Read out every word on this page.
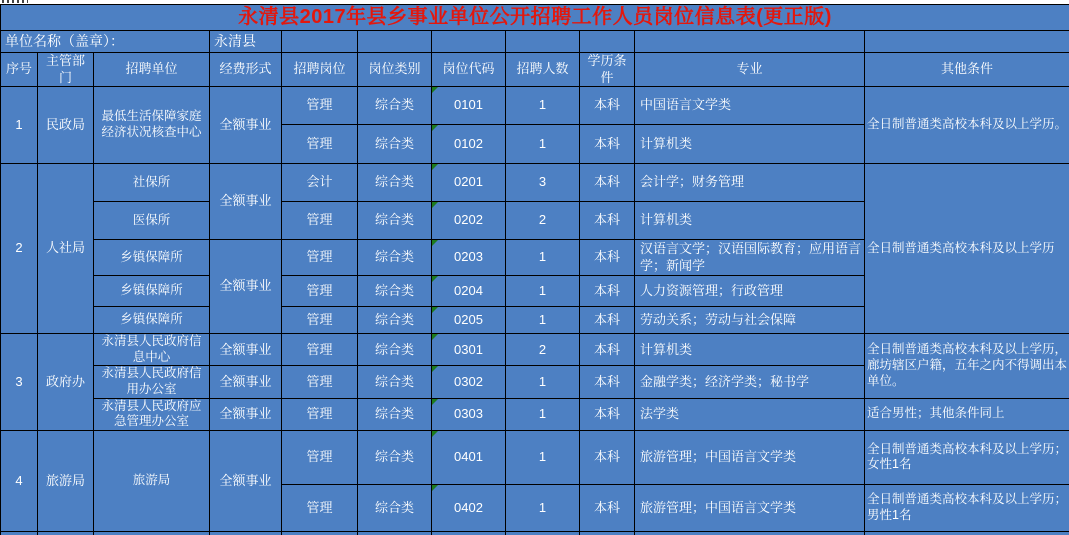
永清县2017年县乡事业单位公开招聘工作人员岗位信息表(更正版)										
单位名称（盖章）：			永清县							
序号	主管部门	招聘单位	经费形式	招聘岗位	岗位类别	岗位代码	招聘人数	学历条件	专业	其他条件
1	民政局	最低生活保障家庭经济状况核查中心	全额事业	管理	综合类	0101	1	本科	中国语言文学类	全日制普通类高校本科及以上学历。
				管理	综合类	0102	1	本科	计算机类	
2	人社局	社保所	全额事业	会计	综合类	0201	3	本科	会计学；财务管理	全日制普通类高校本科及以上学历
		医保所		管理	综合类	0202	2	本科	计算机类	
		乡镇保障所	全额事业	管理	综合类	0203	1	本科	汉语言文学；汉语国际教育；应用语言学；新闻学	
		乡镇保障所		管理	综合类	0204	1	本科	人力资源管理；行政管理	
		乡镇保障所		管理	综合类	0205	1	本科	劳动关系；劳动与社会保障	
3	政府办	永清县人民政府信息中心	全额事业	管理	综合类	0301	2	本科	计算机类	全日制普通类高校本科及以上学历，廊坊辖区户籍，五年之内不得调出本单位。
		永清县人民政府信用办公室	全额事业	管理	综合类	0302	1	本科	金融学类；经济学类；秘书学	
		永清县人民政府应急管理办公室	全额事业	管理	综合类	0303	1	本科	法学类	适合男性；其他条件同上
4	旅游局	旅游局	全额事业	管理	综合类	0401	1	本科	旅游管理；中国语言文学类	全日制普通类高校本科及以上学历；女性1名
				管理	综合类	0402	1	本科	旅游管理；中国语言文学类	全日制普通类高校本科及以上学历；男性1名
